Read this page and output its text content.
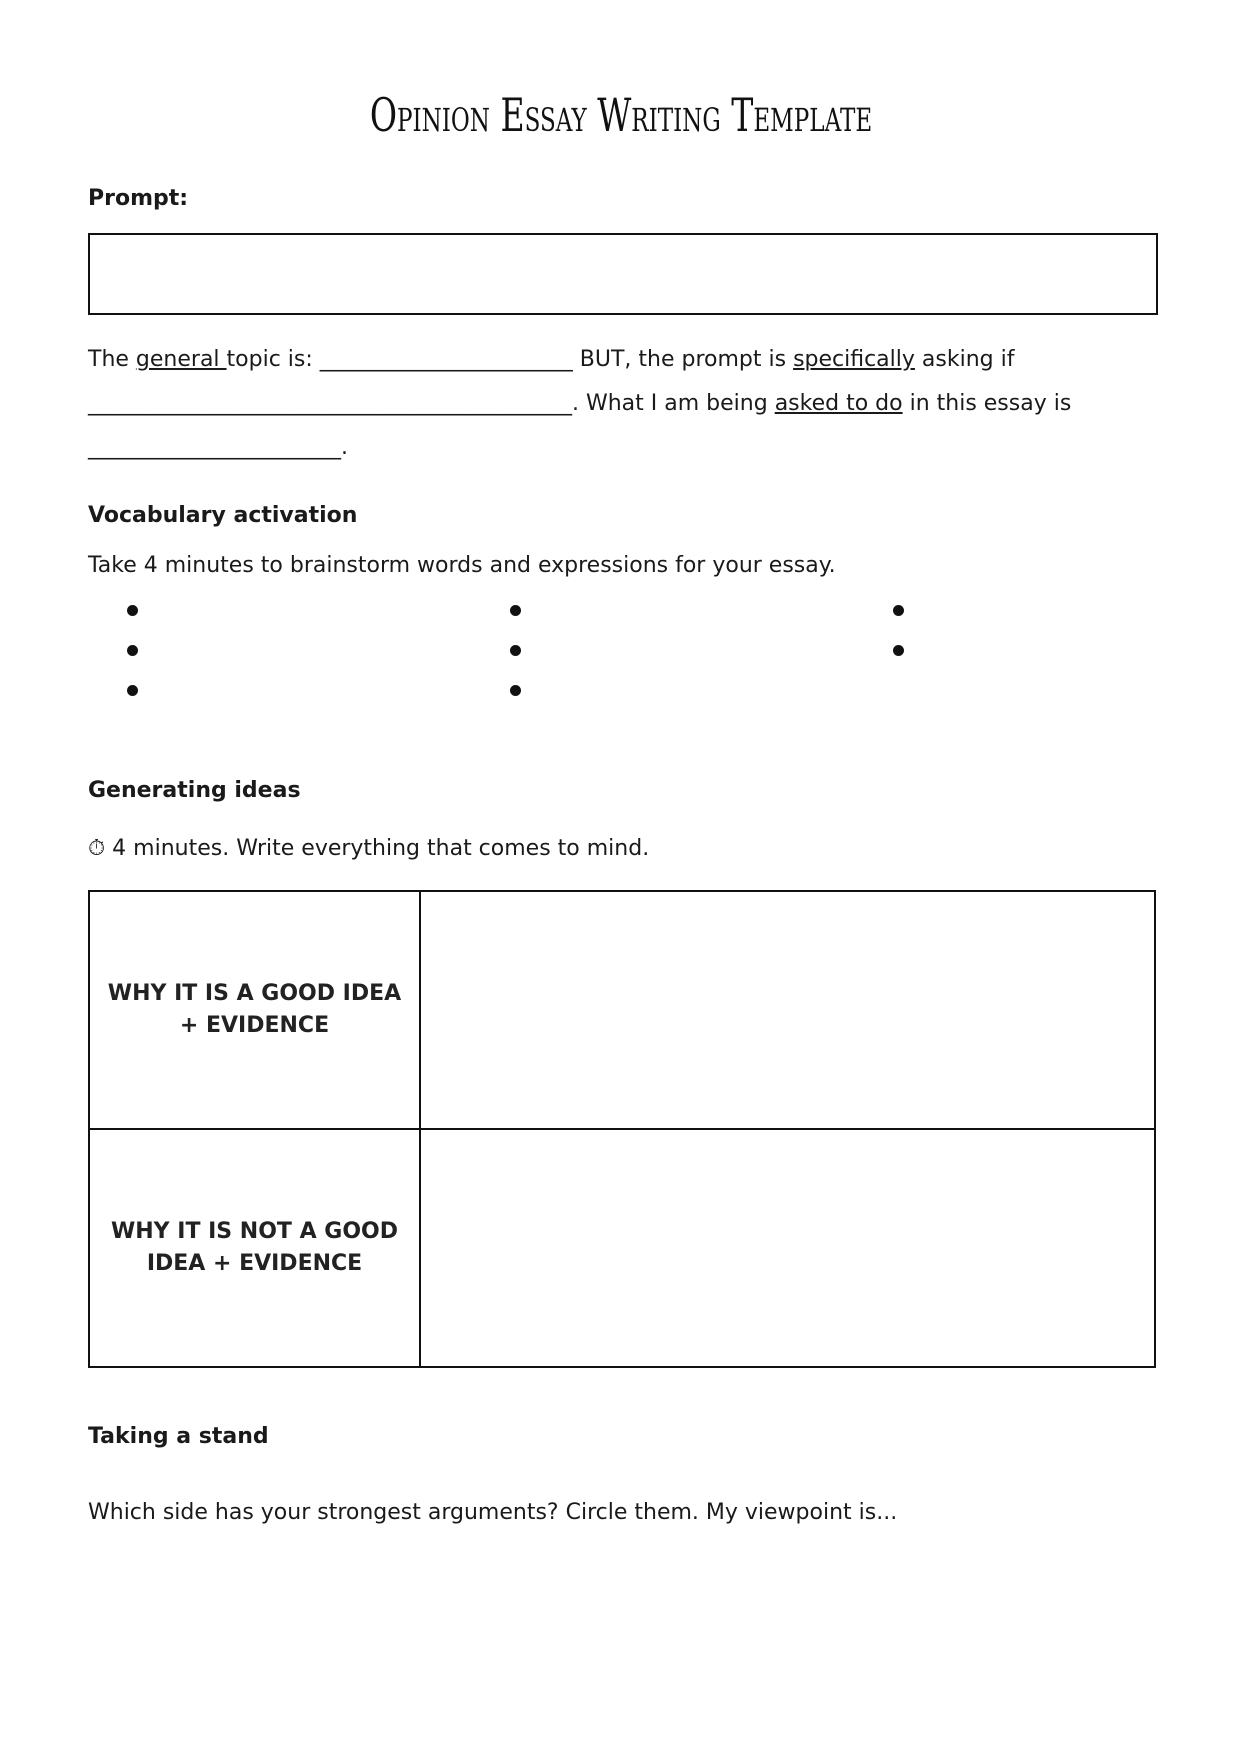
Opinion Essay Writing Template
Prompt:
The general topic is: _______________________ BUT, the prompt is specifically asking if
____________________________________________. What I am being asked to do in this essay is
_______________________.
Vocabulary activation
Take 4 minutes to brainstorm words and expressions for your essay.
Generating ideas
⏱ 4 minutes. Write everything that comes to mind.
WHY IT IS A GOOD IDEA
+ EVIDENCE	

WHY IT IS NOT A GOOD
IDEA + EVIDENCE	

Taking a stand
Which side has your strongest arguments? Circle them. My viewpoint is...
